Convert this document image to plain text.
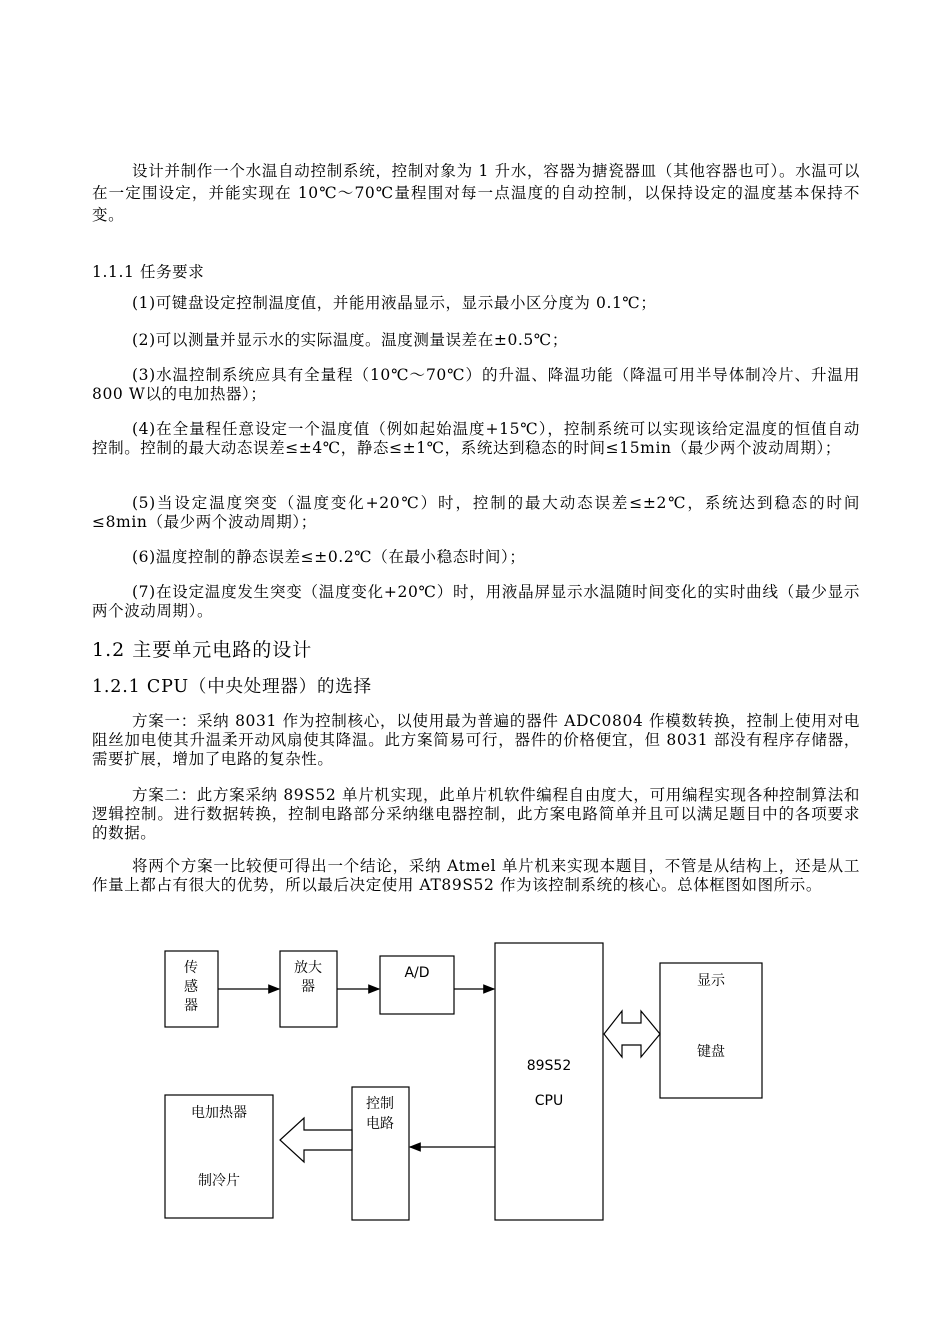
设计并制作一个水温自动控制系统，控制对象为 1 升水，容器为搪瓷器皿（其他容器也可）。水温可以在一定围设定，并能实现在 10℃～70℃量程围对每一点温度的自动控制，以保持设定的温度基本保持不变。

1.1.1 任务要求

(1)可键盘设定控制温度值，并能用液晶显示，显示最小区分度为 0.1℃；

(2)可以测量并显示水的实际温度。温度测量误差在±0.5℃；

(3)水温控制系统应具有全量程（10℃～70℃）的升温、降温功能（降温可用半导体制冷片、升温用 800 W以的电加热器）；

(4)在全量程任意设定一个温度值（例如起始温度+15℃），控制系统可以实现该给定温度的恒值自动控制。控制的最大动态误差≤±4℃，静态≤±1℃，系统达到稳态的时间≤15min（最少两个波动周期）；

(5)当设定温度突变（温度变化+20℃）时，控制的最大动态误差≤±2℃，系统达到稳态的时间≤8min（最少两个波动周期）；

(6)温度控制的静态误差≤±0.2℃（在最小稳态时间）；

(7)在设定温度发生突变（温度变化+20℃）时，用液晶屏显示水温随时间变化的实时曲线（最少显示两个波动周期）。

1.2 主要单元电路的设计

1.2.1 CPU（中央处理器）的选择

方案一：采纳 8031 作为控制核心，以使用最为普遍的器件 ADC0804 作模数转换，控制上使用对电阻丝加电使其升温柔开动风扇使其降温。此方案简易可行，器件的价格便宜，但 8031 部没有程序存储器， 需要扩展，增加了电路的复杂性。

方案二：此方案采纳 89S52 单片机实现，此单片机软件编程自由度大，可用编程实现各种控制算法和逻辑控制。进行数据转换，控制电路部分采纳继电器控制，此方案电路简单并且可以满足题目中的各项要求的数据。

将两个方案一比较便可得出一个结论，采纳 Atmel 单片机来实现本题目，不管是从结构上，还是从工作量上都占有很大的优势，所以最后决定使用 AT89S52 作为该控制系统的核心。总体框图如图所示。

传
感
器
放大
器
A/D
89S52
CPU
显示
键盘
控制
电路
电加热器
制冷片
